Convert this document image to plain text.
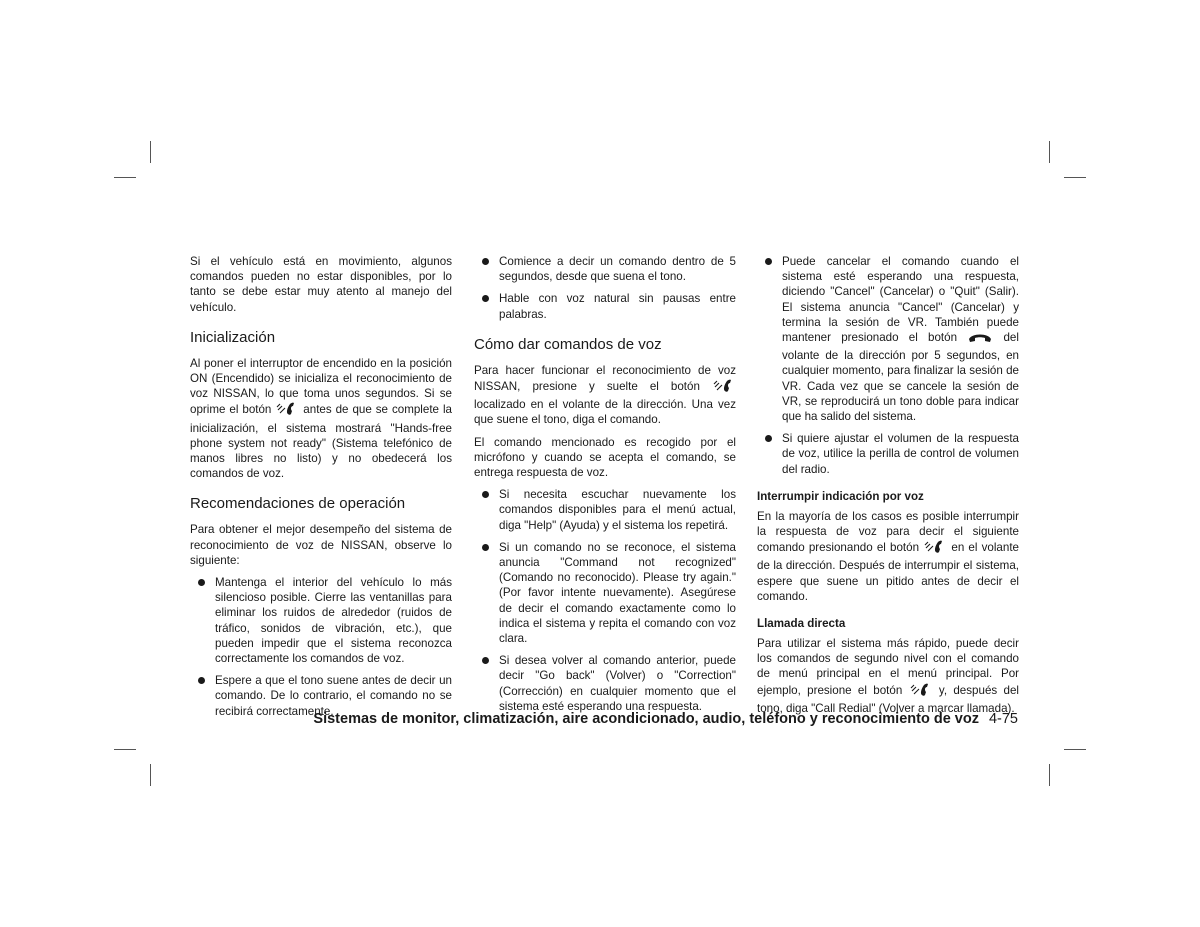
Si el vehículo está en movimiento, algunos comandos pueden no estar disponibles, por lo tanto se debe estar muy atento al manejo del vehículo.

Inicialización

Al poner el interruptor de encendido en la posición ON (Encendido) se inicializa el reconocimiento de voz NISSAN, lo que toma unos segundos. Si se oprime el botón	antes de que se complete la inicialización, el sistema mostrará "Hands-free phone system not ready" (Sistema telefónico de manos libres no listo) y no obedecerá los comandos de voz.

Recomendaciones de operación

Para obtener el mejor desempeño del sistema de reconocimiento de voz de NISSAN, observe lo siguiente:

Mantenga el interior del vehículo lo más silencioso posible. Cierre las ventanillas para eliminar los ruidos de alrededor (ruidos de tráfico, sonidos de vibración, etc.), que pueden impedir que el sistema reconozca correctamente los comandos de voz.
Espere a que el tono suene antes de decir un comando. De lo contrario, el comando no se recibirá correctamente.
Comience a decir un comando dentro de 5 segundos, desde que suena el tono.
Hable con voz natural sin pausas entre palabras.
Cómo dar comandos de voz

Para hacer funcionar el reconocimiento de voz NISSAN, presione y suelte el botón  localizado en el volante de la dirección. Una vez que suene el tono, diga el comando.

El comando mencionado es recogido por el micrófono y cuando se acepta el comando, se entrega respuesta de voz.

Si necesita escuchar nuevamente los comandos disponibles para el menú actual, diga "Help" (Ayuda) y el sistema los repetirá.
Si un comando no se reconoce, el sistema anuncia "Command not recognized" (Comando no reconocido). Please try again." (Por favor intente nuevamente). Asegúrese de decir el comando exactamente como lo indica el sistema y repita el comando con voz clara.
Si desea volver al comando anterior, puede decir "Go back" (Volver) o "Correction" (Corrección) en cualquier momento que el sistema esté esperando una respuesta.
Puede cancelar el comando cuando el sistema esté esperando una respuesta, diciendo "Cancel" (Cancelar) o "Quit" (Salir). El sistema anuncia "Cancel" (Cancelar) y termina la sesión de VR. También puede mantener presionado el botón	del volante de la dirección por 5 segundos, en cualquier momento, para finalizar la sesión de VR. Cada vez que se cancele la sesión de VR, se reproducirá un tono doble para indicar que ha salido del sistema.
Si quiere ajustar el volumen de la respuesta de voz, utilice la perilla de control de volumen del radio.
Interrumpir indicación por voz

En la mayoría de los casos es posible interrumpir la respuesta de voz para decir el siguiente comando presionando el botón	en el volante de la dirección. Después de interrumpir el sistema, espere que suene un pitido antes de decir el comando.

Llamada directa

Para utilizar el sistema más rápido, puede decir los comandos de segundo nivel con el comando de menú principal en el menú principal. Por ejemplo, presione el botón	y, después del tono, diga "Call Redial" (Volver a marcar llamada).

Sistemas de monitor, climatización, aire acondicionado, audio, teléfono y reconocimiento de voz 4-75
